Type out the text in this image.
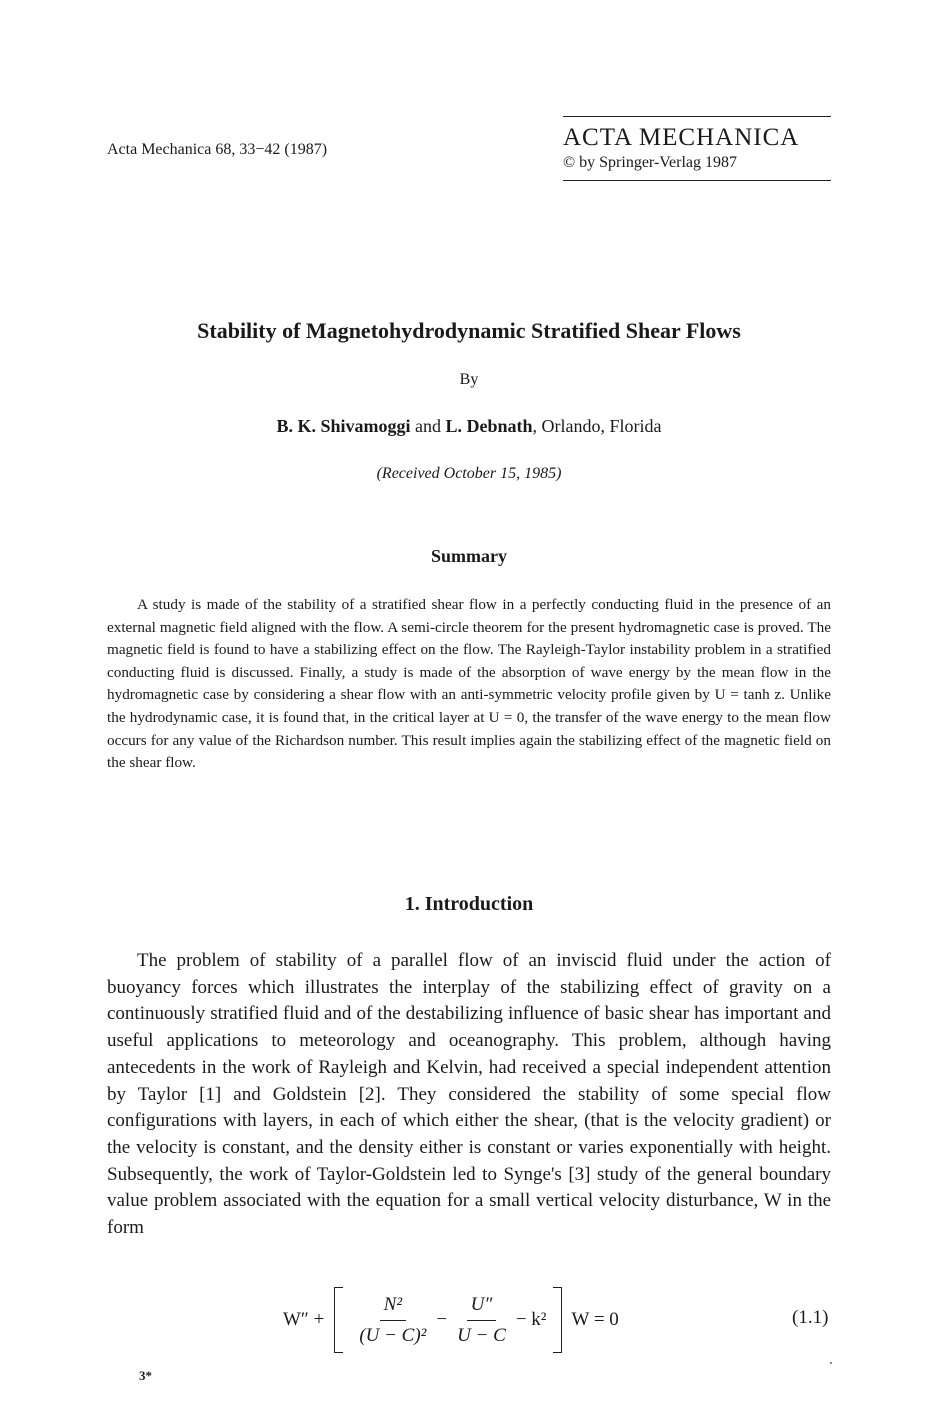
Acta Mechanica 68, 33−42 (1987)	ACTA MECHANICA
© by Springer-Verlag 1987
Stability of Magnetohydrodynamic Stratified Shear Flows
By
B. K. Shivamoggi and L. Debnath, Orlando, Florida
(Received October 15, 1985)
Summary
A study is made of the stability of a stratified shear flow in a perfectly conducting fluid in the presence of an external magnetic field aligned with the flow. A semi-circle theorem for the present hydromagnetic case is proved. The magnetic field is found to have a stabilizing effect on the flow. The Rayleigh-Taylor instability problem in a stratified conducting fluid is discussed. Finally, a study is made of the absorption of wave energy by the mean flow in the hydromagnetic case by considering a shear flow with an anti-symmetric velocity profile given by U = tanh z. Unlike the hydrodynamic case, it is found that, in the critical layer at U = 0, the transfer of the wave energy to the mean flow occurs for any value of the Richardson number. This result implies again the stabilizing effect of the magnetic field on the shear flow.
1. Introduction
The problem of stability of a parallel flow of an inviscid fluid under the action of buoyancy forces which illustrates the interplay of the stabilizing effect of gravity on a continuously stratified fluid and of the destabilizing influence of basic shear has important and useful applications to meteorology and oceanography. This problem, although having antecedents in the work of Rayleigh and Kelvin, had received a special independent attention by Taylor [1] and Goldstein [2]. They considered the stability of some special flow configurations with layers, in each of which either the shear, (that is the velocity gradient) or the velocity is constant, and the density either is constant or varies exponentially with height. Subsequently, the work of Taylor-Goldstein led to Synge's [3] study of the general boundary value problem associated with the equation for a small vertical velocity disturbance, W in the form
$W'' + \frac{\text{N²}}{\text{(U − C)²}} - \frac{U''}{U - C} - k^2$ W = 0	(1.1)
3*
